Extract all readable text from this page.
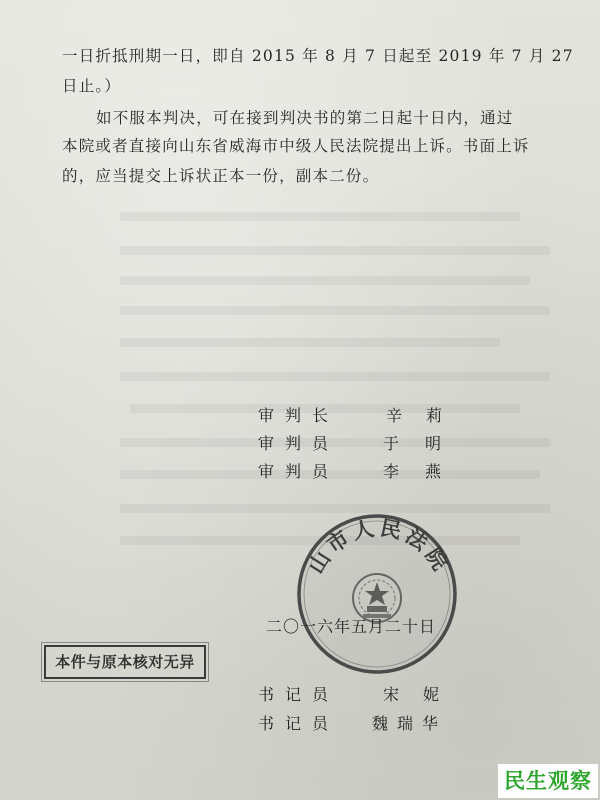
一日折抵刑期一日，即自 2015 年 8 月 7 日起至 2019 年 7 月 27
日止。）
如不服本判决，可在接到判决书的第二日起十日内，通过
本院或者直接向山东省威海市中级人民法院提出上诉。书面上诉
的，应当提交上诉状正本一份，副本二份。
审判长	辛莉
审判员	于明
审判员	李燕
山市人民法院
二〇一六年五月二十日
本件与原本核对无异
书记员	宋妮
书记员 魏瑞华
民生观察
